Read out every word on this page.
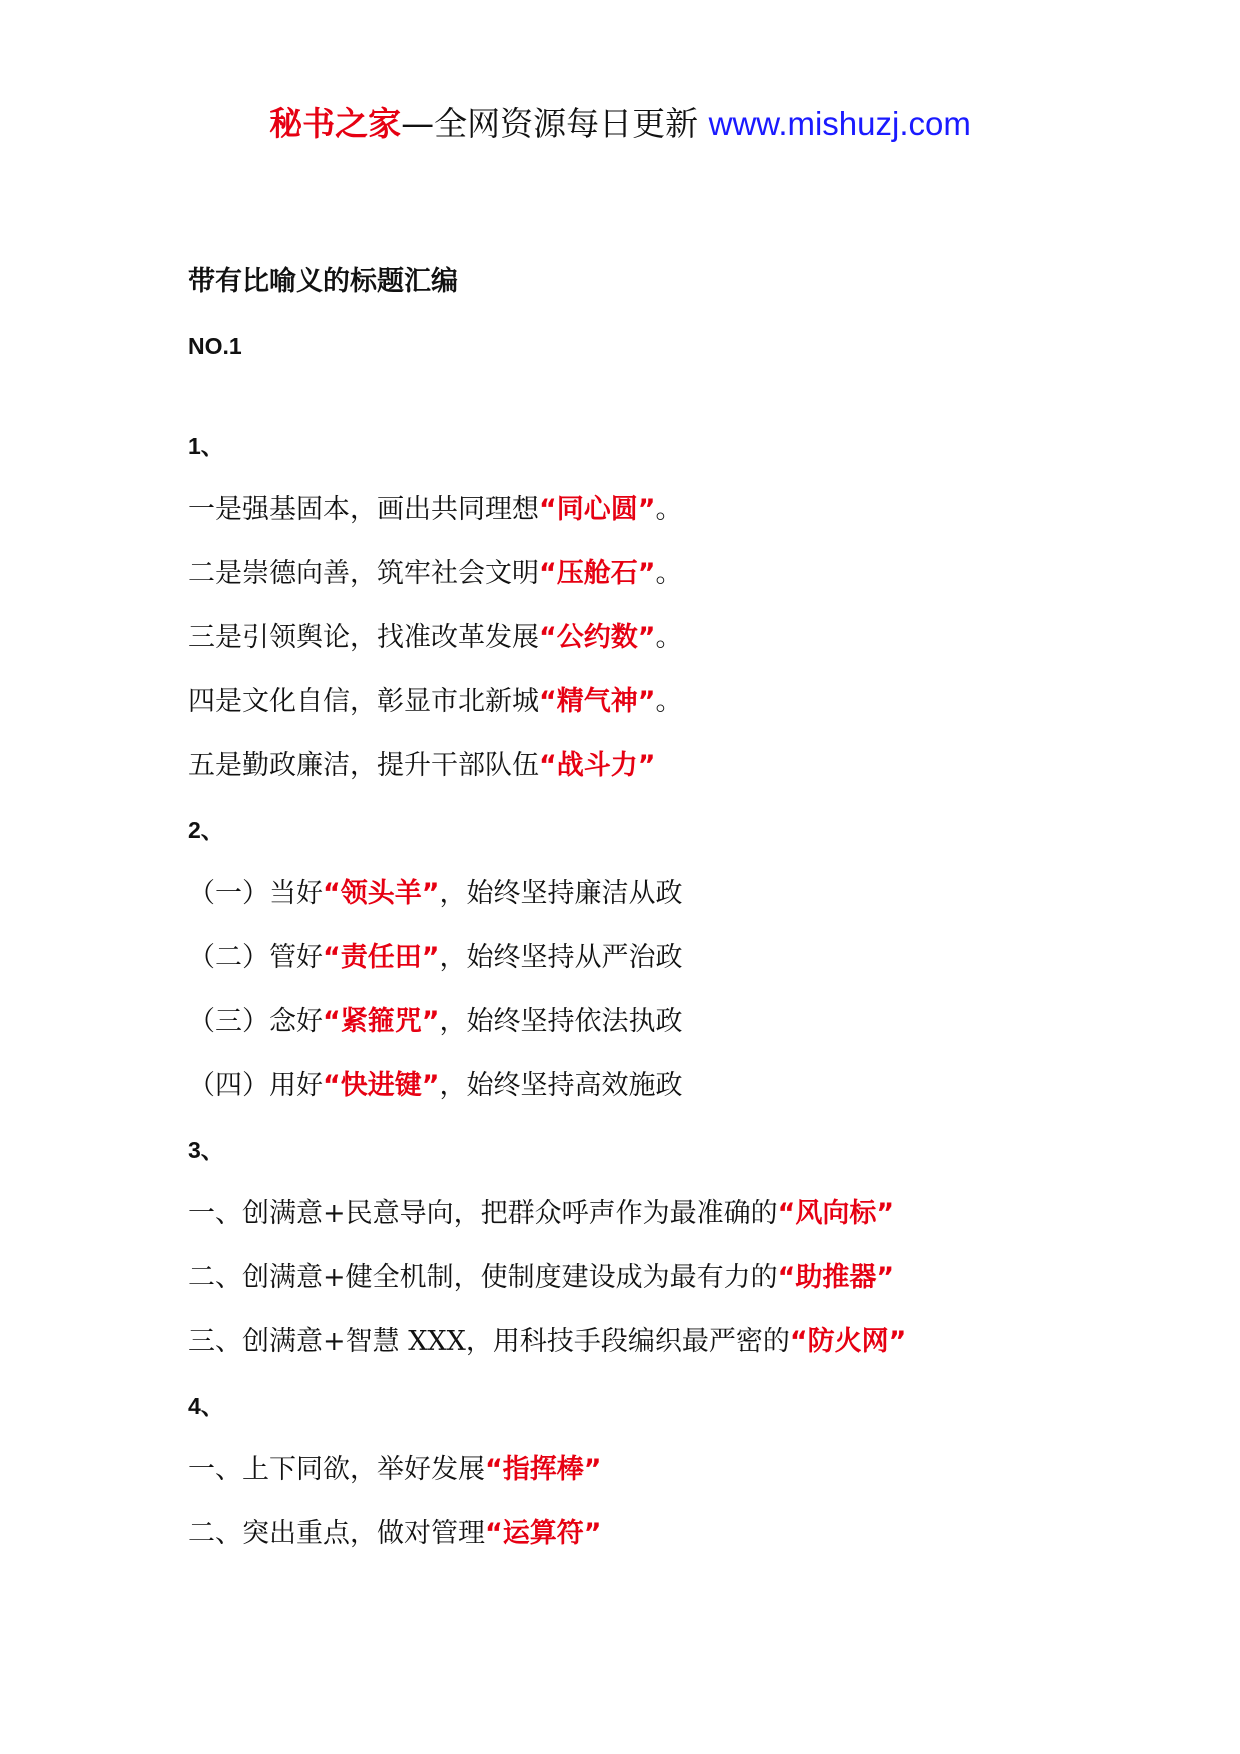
秘书之家—全网资源每日更新 www.mishuzj.com
带有比喻义的标题汇编
NO.1
1、
一是强基固本，画出共同理想“同心圆”。
二是崇德向善，筑牢社会文明“压舱石”。
三是引领舆论，找准改革发展“公约数”。
四是文化自信，彰显市北新城“精气神”。
五是勤政廉洁，提升干部队伍“战斗力”
2、
（一）当好“领头羊”，始终坚持廉洁从政
（二）管好“责任田”，始终坚持从严治政
（三）念好“紧箍咒”，始终坚持依法执政
（四）用好“快进键”，始终坚持高效施政
3、
一、创满意+民意导向，把群众呼声作为最准确的“风向标”
二、创满意+健全机制，使制度建设成为最有力的“助推器”
三、创满意+智慧 XXX，用科技手段编织最严密的“防火网”
4、
一、上下同欲，举好发展“指挥棒”
二、突出重点，做对管理“运算符”
